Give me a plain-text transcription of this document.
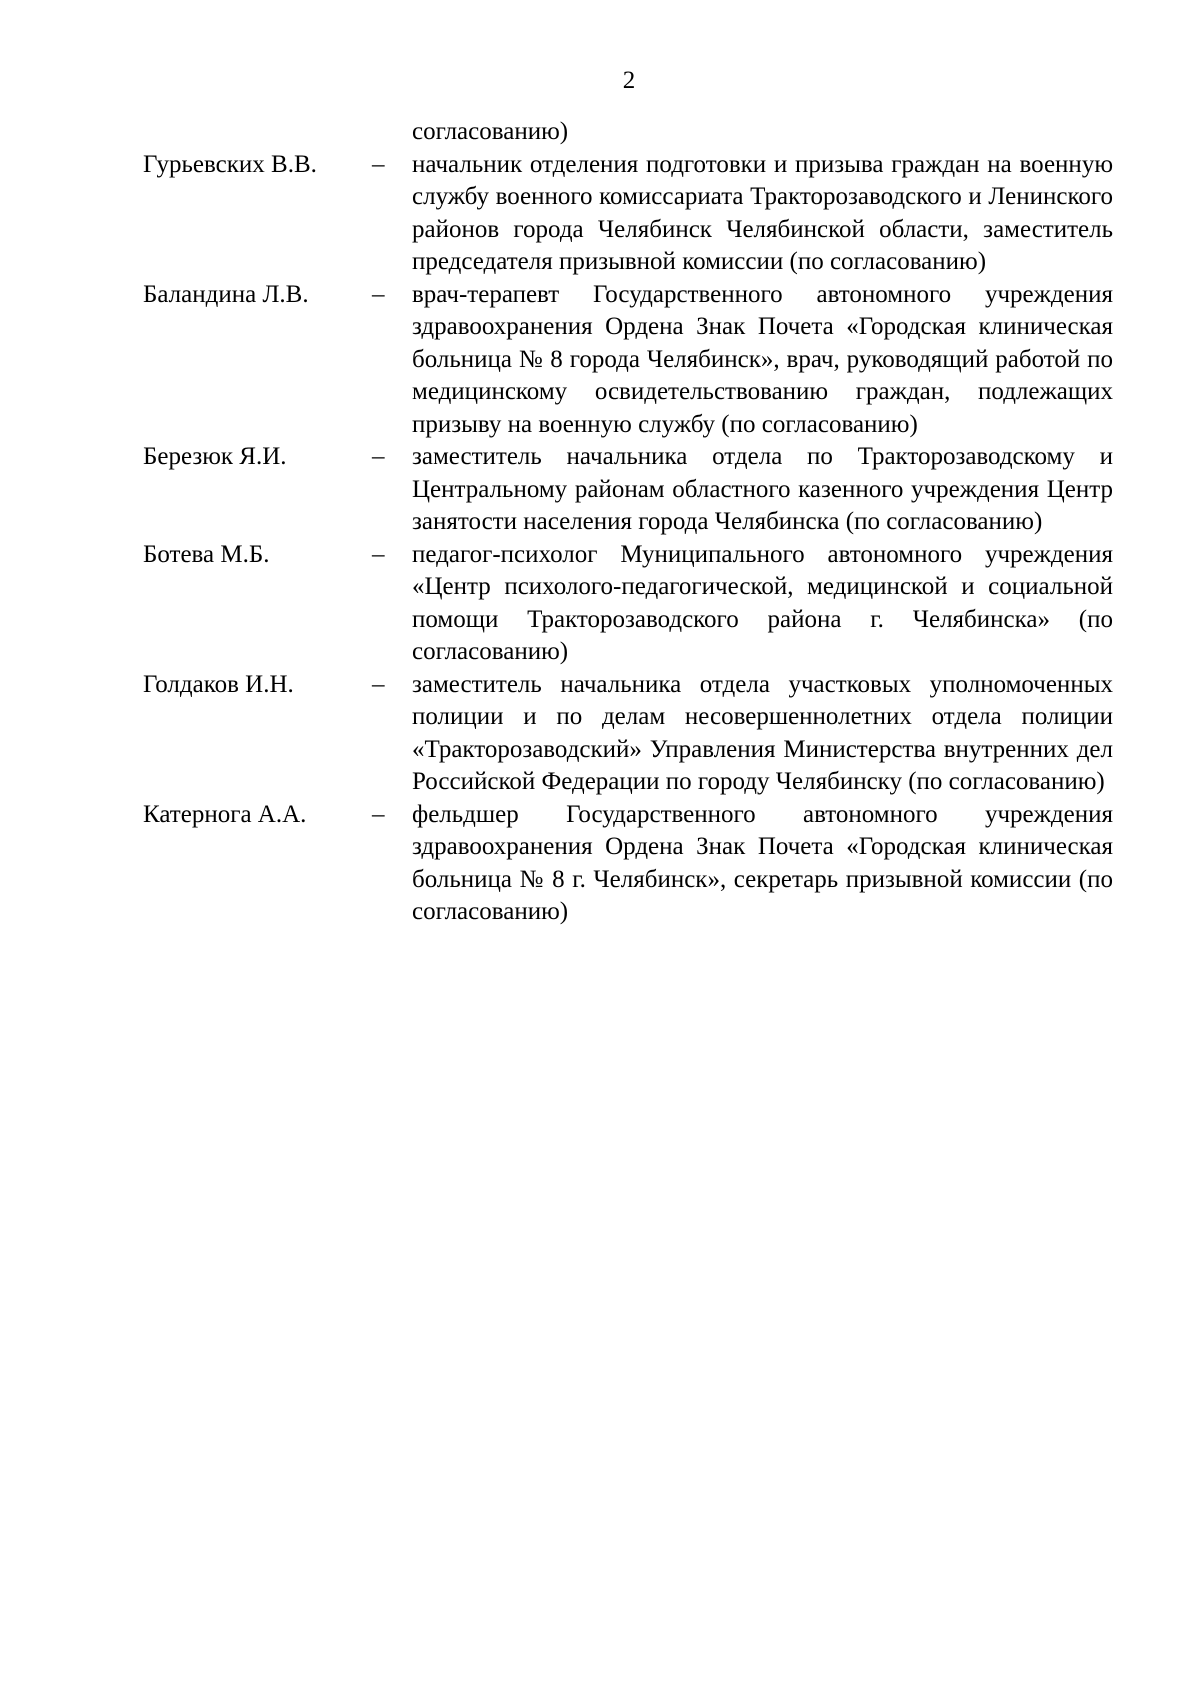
2
согласованию)
Гурьевских В.В.	–	начальник отделения подготовки и призыва граждан на военную службу военного комиссариата Тракторозаводского и Ленинского районов города Челябинск Челябинской области, заместитель председателя призывной комиссии (по согласованию)
Баландина Л.В.	–	врач-терапевт Государственного автономного учреждения здравоохранения Ордена Знак Почета «Городская клиническая больница № 8 города Челябинск», врач, руководящий работой по медицинскому освидетельствованию граждан, подлежащих призыву на военную службу (по согласованию)
Березюк Я.И.	–	заместитель начальника отдела по Тракторозаводскому и Центральному районам областного казенного учреждения Центр занятости населения города Челябинска (по согласованию)
Ботева М.Б.	–	педагог-психолог Муниципального автономного учреждения «Центр психолого-педагогической, медицинской и социальной помощи Тракторозаводского района г. Челябинска» (по согласованию)
Голдаков И.Н.	–	заместитель начальника отдела участковых уполномоченных полиции и по делам несовершеннолетних отдела полиции «Тракторозаводский» Управления Министерства внутренних дел Российской Федерации по городу Челябинску (по согласованию)
Катернога А.А.	–	фельдшер Государственного автономного учреждения здравоохранения Ордена Знак Почета «Городская клиническая больница № 8 г. Челябинск», секретарь призывной комиссии (по согласованию)
